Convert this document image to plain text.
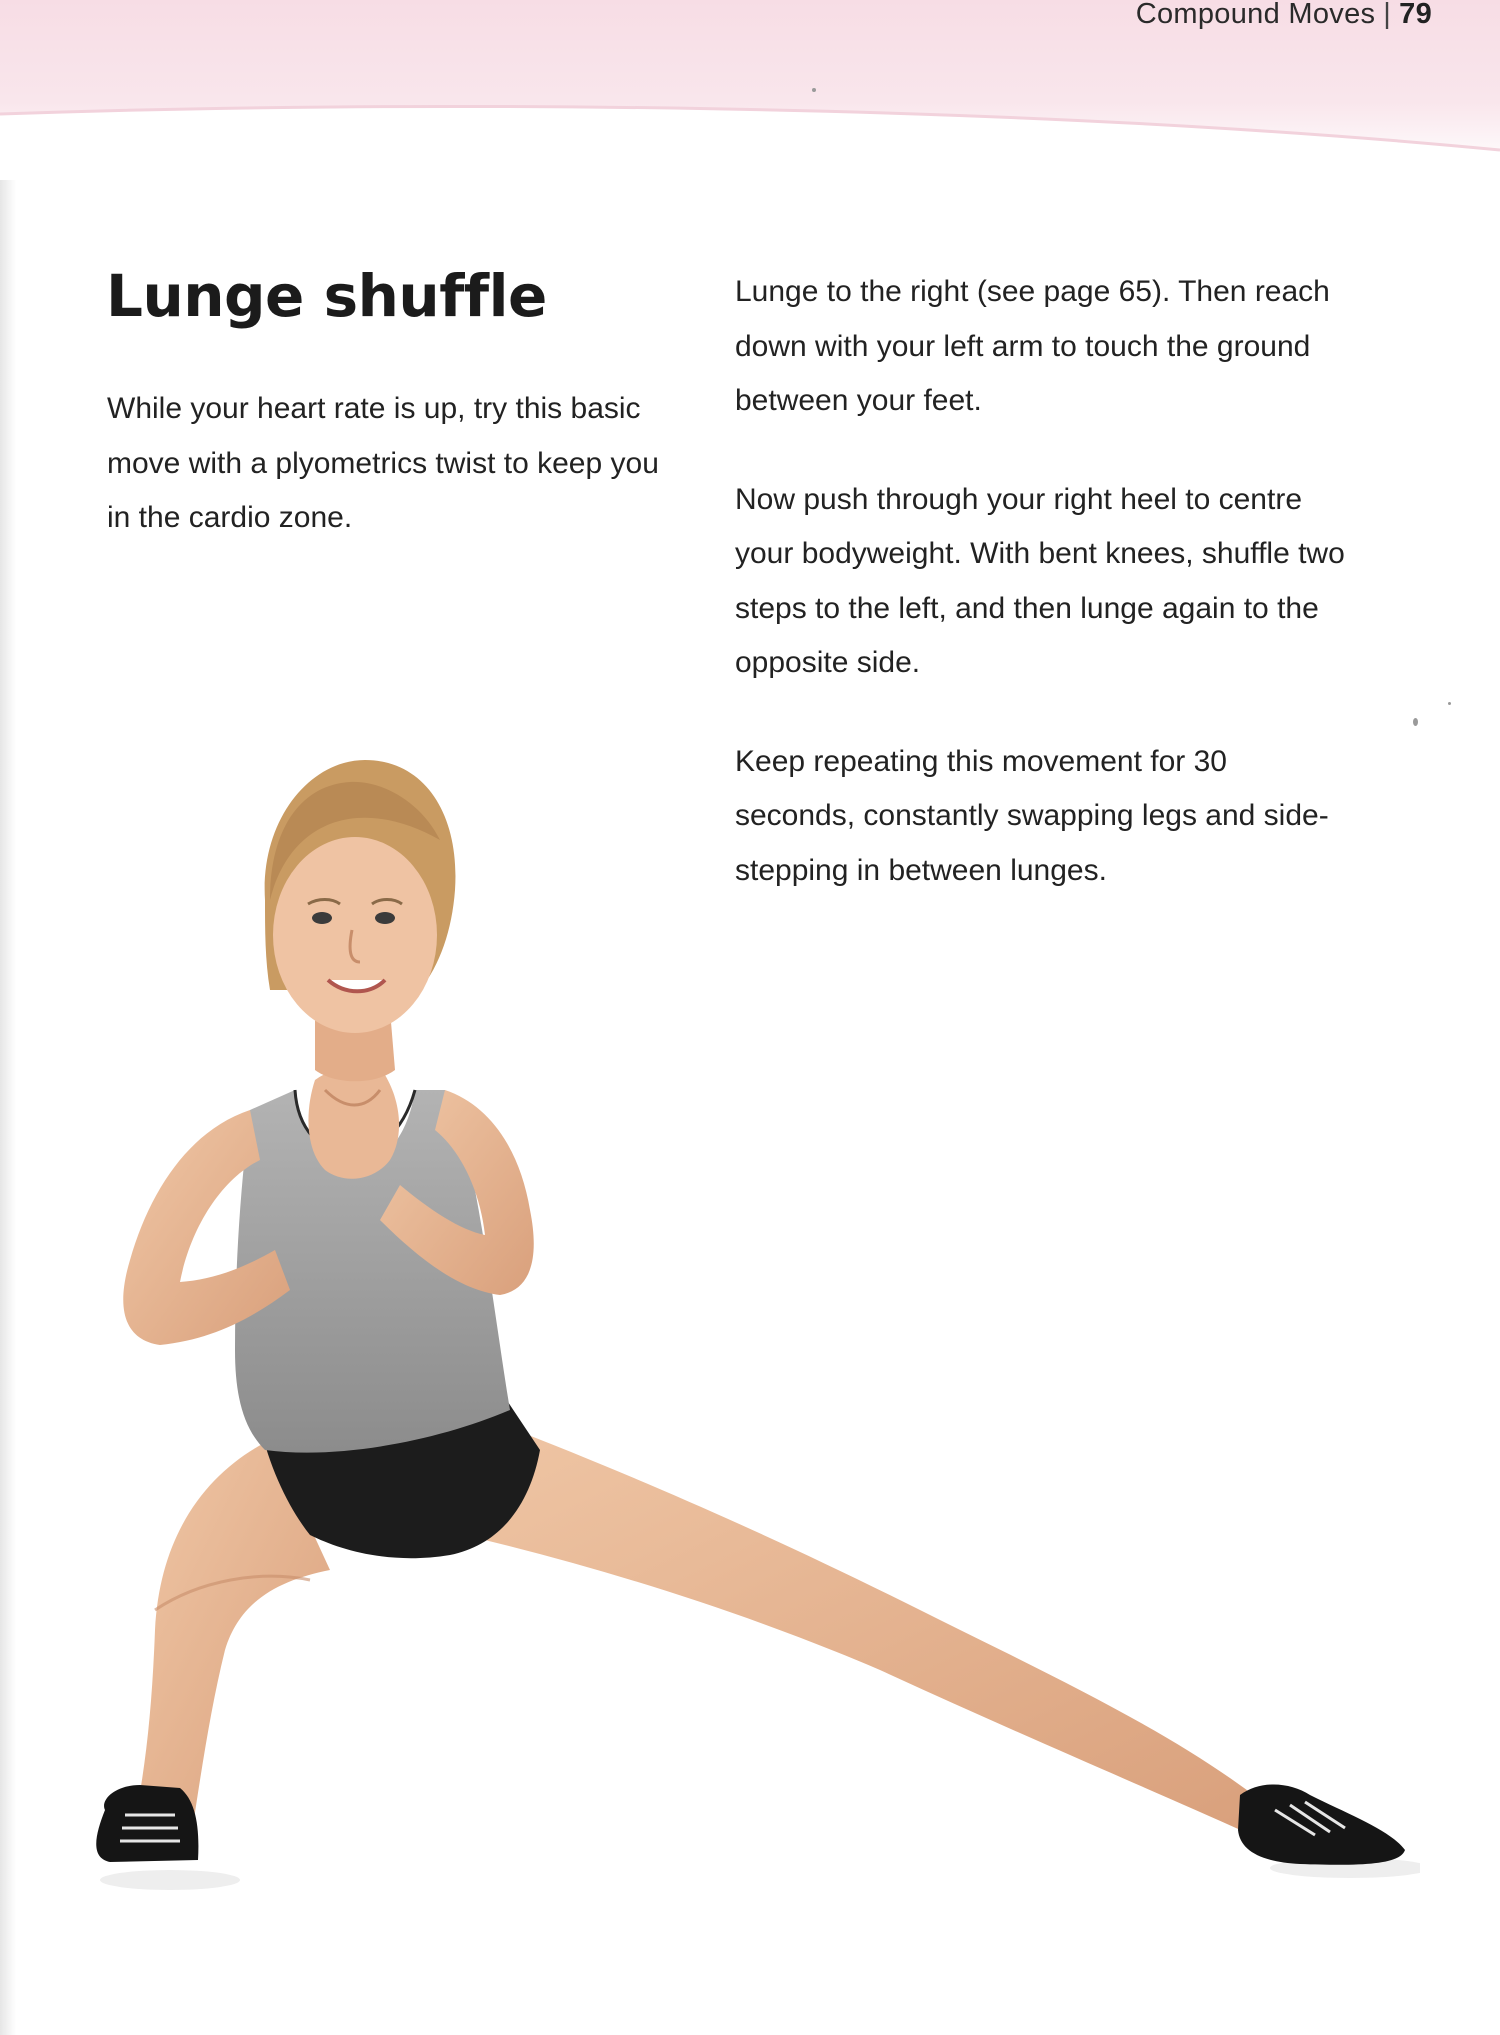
Compound Moves | 79
Lunge shuffle

While your heart rate is up, try this basic move with a plyometrics twist to keep you in the cardio zone.

Lunge to the right (see page 65). Then reach down with your left arm to touch the ground between your feet.

Now push through your right heel to centre your bodyweight. With bent knees, shuffle two steps to the left, and then lunge again to the opposite side.

Keep repeating this movement for 30 seconds, constantly swapping legs and side-stepping in between lunges.
